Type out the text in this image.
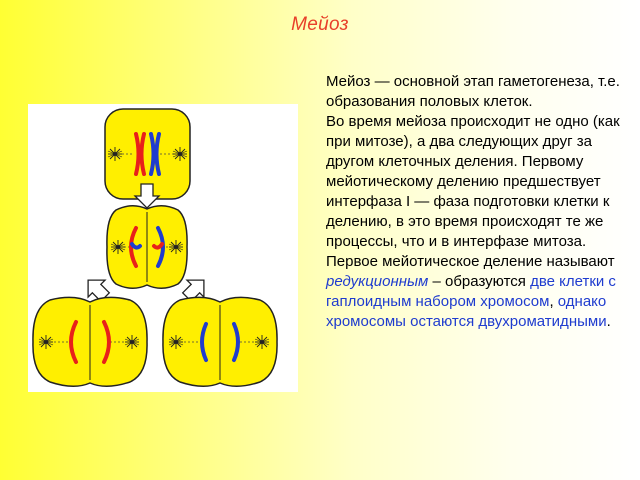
Мейоз

Мейоз — основной этап гаметогенеза, т.е. образования половых клеток.

Во время мейоза происходит не одно (как при митозе), а два следующих друг за другом клеточных деления. Первому мейотическому делению предшествует интерфаза I — фаза подготовки клетки к делению, в это время происходят те же процессы, что и в интерфазе митоза.

Первое мейотическое деление называют редукционным – образуются две клетки с гаплоидным набором хромосом, однако хромосомы остаются двухроматидными.
